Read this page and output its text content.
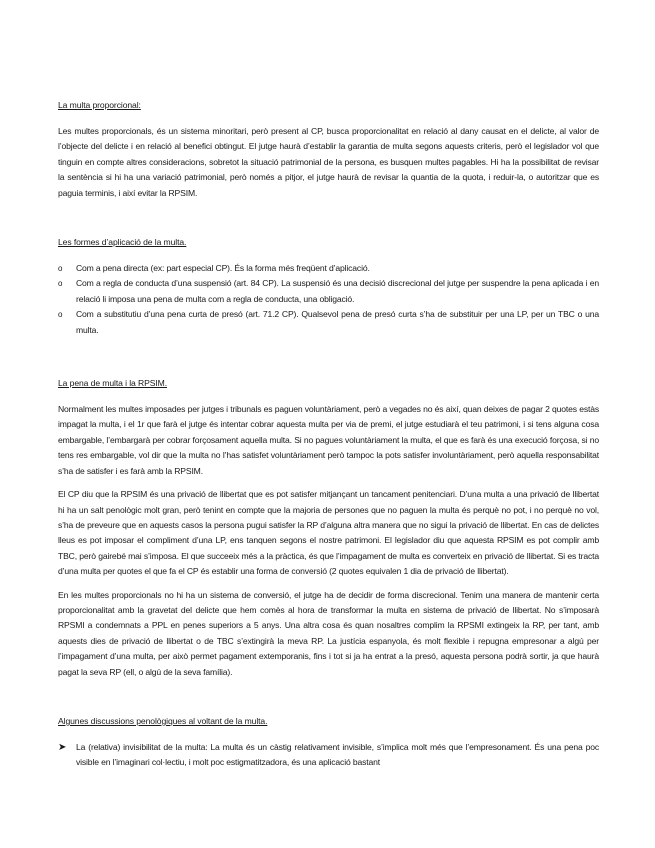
La multa proporcional:

Les multes proporcionals, és un sistema minoritari, però present al CP, busca proporcionalitat en relació al dany causat en el delicte, al valor de l’objecte del delicte i en relació al benefici obtingut. El jutge haurà d’establir la garantia de multa segons aquests criteris, però el legislador vol que tinguin en compte altres consideracions, sobretot la situació patrimonial de la persona, es busquen multes pagables. Hi ha la possibilitat de revisar la sentència si hi ha una variació patrimonial, però només a pitjor, el jutge haurà de revisar la quantia de la quota, i reduir-la, o autoritzar que es paguia terminis, i així evitar la RPSIM.

Les formes d’aplicació de la multa.

o	Com a pena directa (ex: part especial CP). És la forma més freqüent d’aplicació.
o	Com a regla de conducta d’una suspensió (art. 84 CP). La suspensió és una decisió discrecional del jutge per suspendre la pena aplicada i en relació li imposa una pena de multa com a regla de conducta, una obligació.
o	Com a substitutiu d’una pena curta de presó (art. 71.2 CP). Qualsevol pena de presó curta s’ha de substituir per una LP, per un TBC o una multa.

La pena de multa i la RPSIM.

Normalment les multes imposades per jutges i tribunals es paguen voluntàriament, però a vegades no és així, quan deixes de pagar 2 quotes estàs impagat la multa, i el 1r que farà el jutge és intentar cobrar aquesta multa per via de premi, el jutge estudiarà el teu patrimoni, i si tens alguna cosa embargable, l’embargarà per cobrar forçosament aquella multa. Si no pagues voluntàriament la multa, el que es farà és una execució forçosa, si no tens res embargable, vol dir que la multa no l’has satisfet voluntàriament però tampoc la pots satisfer involuntàriament, però aquella responsabilitat s’ha de satisfer i es farà amb la RPSIM.

El CP diu que la RPSIM és una privació de llibertat que es pot satisfer mitjançant un tancament penitenciari. D’una multa a una privació de llibertat hi ha un salt penològic molt gran, però tenint en compte que la majoria de persones que no paguen la multa és perquè no pot, i no perquè no vol, s’ha de preveure que en aquests casos la persona pugui satisfer la RP d’alguna altra manera que no sigui la privació de llibertat. En cas de delictes lleus es pot imposar el compliment d’una LP, ens tanquen segons el nostre patrimoni. El legislador diu que aquesta RPSIM es pot complir amb TBC, però gairebé mai s’imposa. El que succeeix més a la pràctica, és que l’impagament de multa es converteix en privació de llibertat. Si es tracta d’una multa per quotes el que fa el CP és establir una forma de conversió (2 quotes equivalen 1 dia de privació de llibertat).

En les multes proporcionals no hi ha un sistema de conversió, el jutge ha de decidir de forma discrecional. Tenim una manera de mantenir certa proporcionalitat amb la gravetat del delicte que hem comès al hora de transformar la multa en sistema de privació de llibertat. No s’imposarà RPSMI a condemnats a PPL en penes superiors a 5 anys. Una altra cosa és quan nosaltres complim la RPSMI extingeix la RP, per tant, amb aquests dies de privació de llibertat o de TBC s’extingirà la meva RP. La justícia espanyola, és molt flexible i repugna empresonar a algú per l’impagament d’una multa, per això permet pagament extemporanis, fins i tot si ja ha entrat a la presó, aquesta persona podrà sortir, ja que haurà pagat la seva RP (ell, o algú de la seva família).

Algunes discussions penològiques al voltant de la multa.

➤	La (relativa) invisibilitat de la multa: La multa és un càstig relativament invisible, s’implica molt més que l’empresonament. És una pena poc visible en l’imaginari col·lectiu, i molt poc estigmatitzadora, és una aplicació bastant
